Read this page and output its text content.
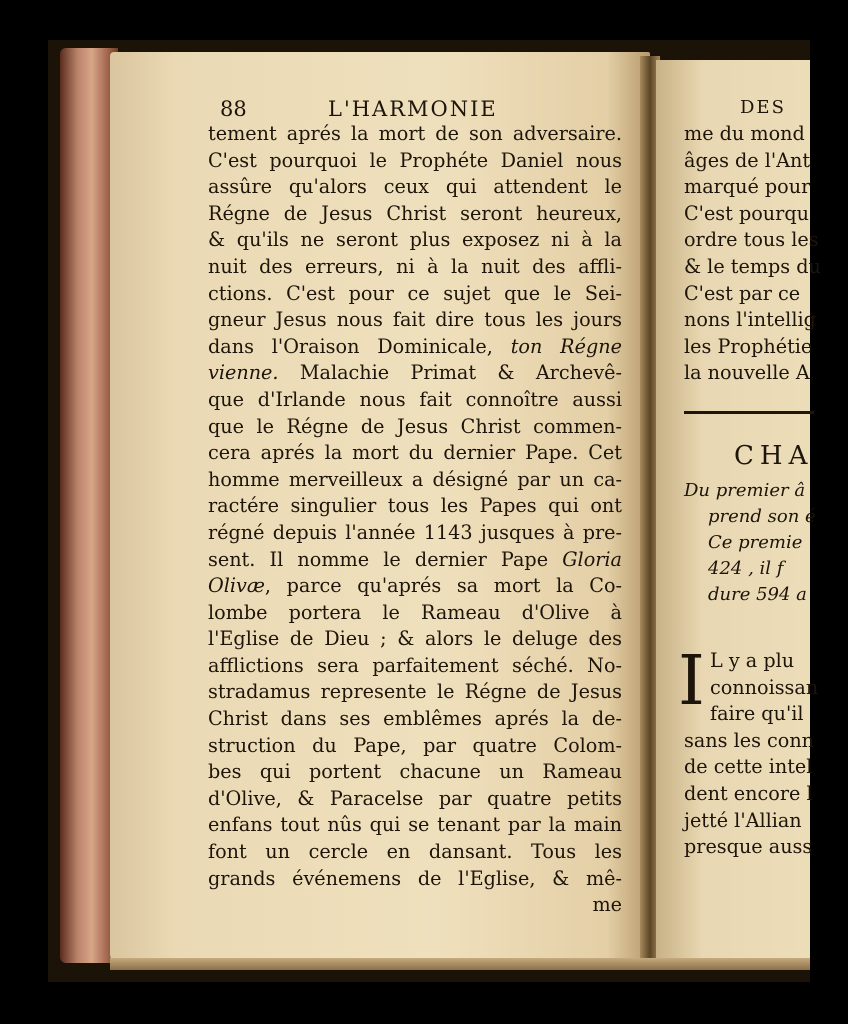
88	L'HARMONIE
tement aprés la mort de son adversaire.
C'est pourquoi le Prophéte Daniel nous
assûre qu'alors ceux qui attendent le
Régne de Jesus Christ seront heureux,
& qu'ils ne seront plus exposez ni à la
nuit des erreurs, ni à la nuit des affli-
ctions. C'est pour ce sujet que le Sei-
gneur Jesus nous fait dire tous les jours
dans l'Oraison Dominicale, ton Régne
vienne. Malachie Primat & Archevê-
que d'Irlande nous fait connoître aussi
que le Régne de Jesus Christ commen-
cera aprés la mort du dernier Pape. Cet
homme merveilleux a désigné par un ca-
ractére singulier tous les Papes qui ont
régné depuis l'année 1143 jusques à pre-
sent. Il nomme le dernier Pape Gloria
Olivæ, parce qu'aprés sa mort la Co-
lombe portera le Rameau d'Olive à
l'Eglise de Dieu ; & alors le deluge des
afflictions sera parfaitement séché. No-
stradamus represente le Régne de Jesus
Christ dans ses emblêmes aprés la de-
struction du Pape, par quatre Colom-
bes qui portent chacune un Rameau
d'Olive, & Paracelse par quatre petits
enfans tout nûs qui se tenant par la main
font un cercle en dansant. Tous les
grands événemens de l'Eglise, & mê-
me
DES
me du mond
âges de l'Ant
marqué pour
C'est pourqu
ordre tous les
& le temps du
C'est par ce
nons l'intellig
les Prophétie
la nouvelle A
CHA
Du premier â
prend son é
Ce premie
424 , il f
dure 594 a
I L y a plu
connoissan
faire qu'il
sans les conn
de cette intel
dent encore l
jetté l'Allian
presque auss
